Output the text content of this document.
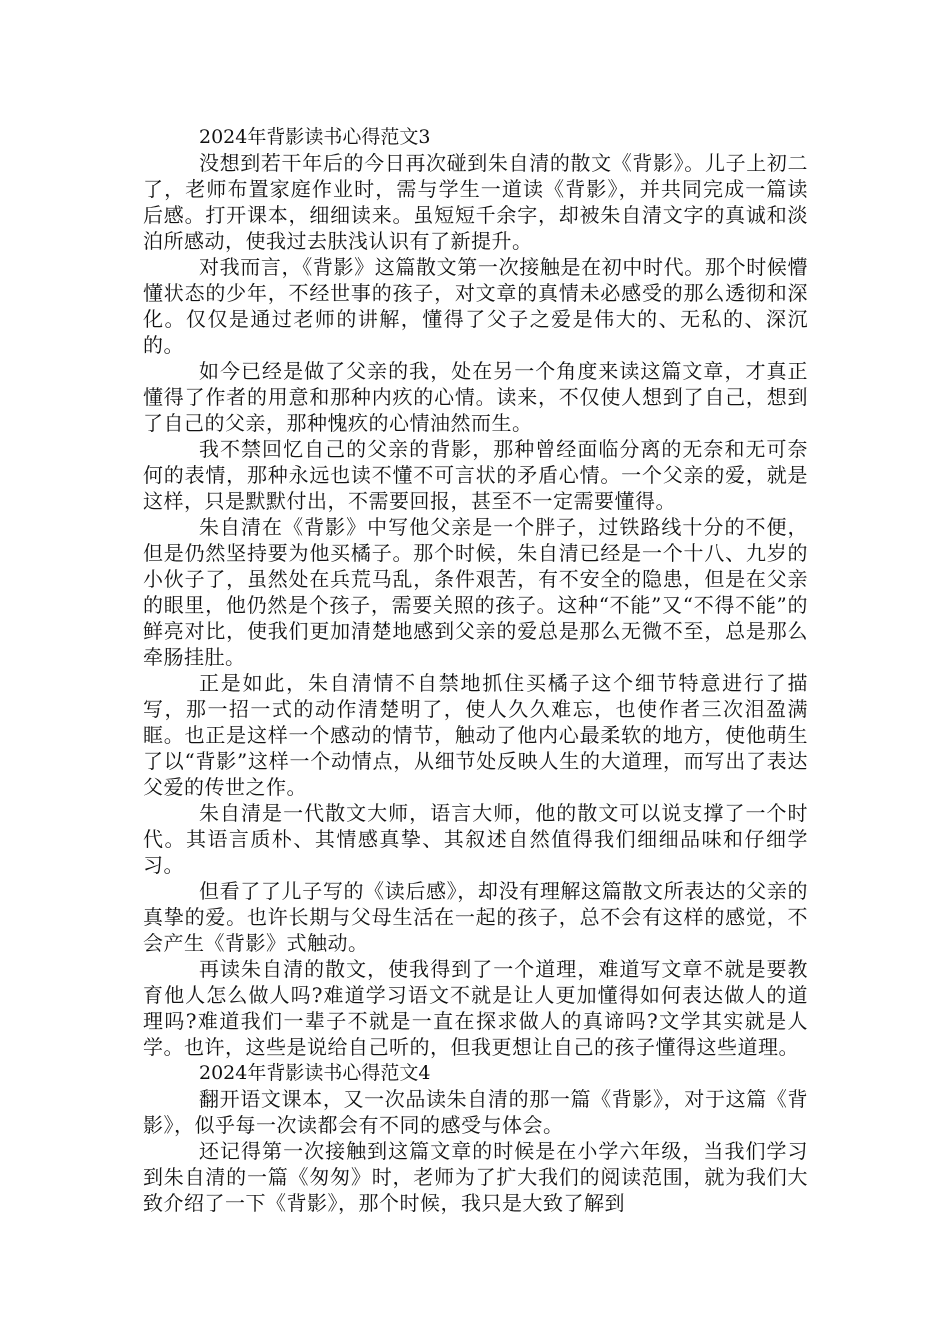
2024年背影读书心得范文3

没想到若干年后的今日再次碰到朱自清的散文《背影》。儿子上初二了，老师布置家庭作业时，需与学生一道读《背影》，并共同完成一篇读后感。打开课本，细细读来。虽短短千余字，却被朱自清文字的真诚和淡泊所感动，使我过去肤浅认识有了新提升。

对我而言，《背影》这篇散文第一次接触是在初中时代。那个时候懵懂状态的少年，不经世事的孩子，对文章的真情未必感受的那么透彻和深化。仅仅是通过老师的讲解，懂得了父子之爱是伟大的、无私的、深沉的。

如今已经是做了父亲的我，处在另一个角度来读这篇文章，才真正懂得了作者的用意和那种内疚的心情。读来，不仅使人想到了自己，想到了自己的父亲，那种愧疚的心情油然而生。

我不禁回忆自己的父亲的背影，那种曾经面临分离的无奈和无可奈何的表情，那种永远也读不懂不可言状的矛盾心情。一个父亲的爱，就是这样，只是默默付出，不需要回报，甚至不一定需要懂得。

朱自清在《背影》中写他父亲是一个胖子，过铁路线十分的不便，但是仍然坚持要为他买橘子。那个时候，朱自清已经是一个十八、九岁的小伙子了，虽然处在兵荒马乱，条件艰苦，有不安全的隐患，但是在父亲的眼里，他仍然是个孩子，需要关照的孩子。这种“不能”又“不得不能”的鲜亮对比，使我们更加清楚地感到父亲的爱总是那么无微不至，总是那么牵肠挂肚。

正是如此，朱自清情不自禁地抓住买橘子这个细节特意进行了描写，那一招一式的动作清楚明了，使人久久难忘，也使作者三次泪盈满眶。也正是这样一个感动的情节，触动了他内心最柔软的地方，使他萌生了以“背影”这样一个动情点，从细节处反映人生的大道理，而写出了表达父爱的传世之作。

朱自清是一代散文大师，语言大师，他的散文可以说支撑了一个时代。其语言质朴、其情感真挚、其叙述自然值得我们细细品味和仔细学习。

但看了了儿子写的《读后感》，却没有理解这篇散文所表达的父亲的真挚的爱。也许长期与父母生活在一起的孩子，总不会有这样的感觉，不会产生《背影》式触动。

再读朱自清的散文，使我得到了一个道理，难道写文章不就是要教育他人怎么做人吗?难道学习语文不就是让人更加懂得如何表达做人的道理吗?难道我们一辈子不就是一直在探求做人的真谛吗?文学其实就是人学。也许，这些是说给自己听的，但我更想让自己的孩子懂得这些道理。

2024年背影读书心得范文4

翻开语文课本，又一次品读朱自清的那一篇《背影》，对于这篇《背影》，似乎每一次读都会有不同的感受与体会。

还记得第一次接触到这篇文章的时候是在小学六年级，当我们学习到朱自清的一篇《匆匆》时，老师为了扩大我们的阅读范围，就为我们大致介绍了一下《背影》，那个时候，我只是大致了解到
